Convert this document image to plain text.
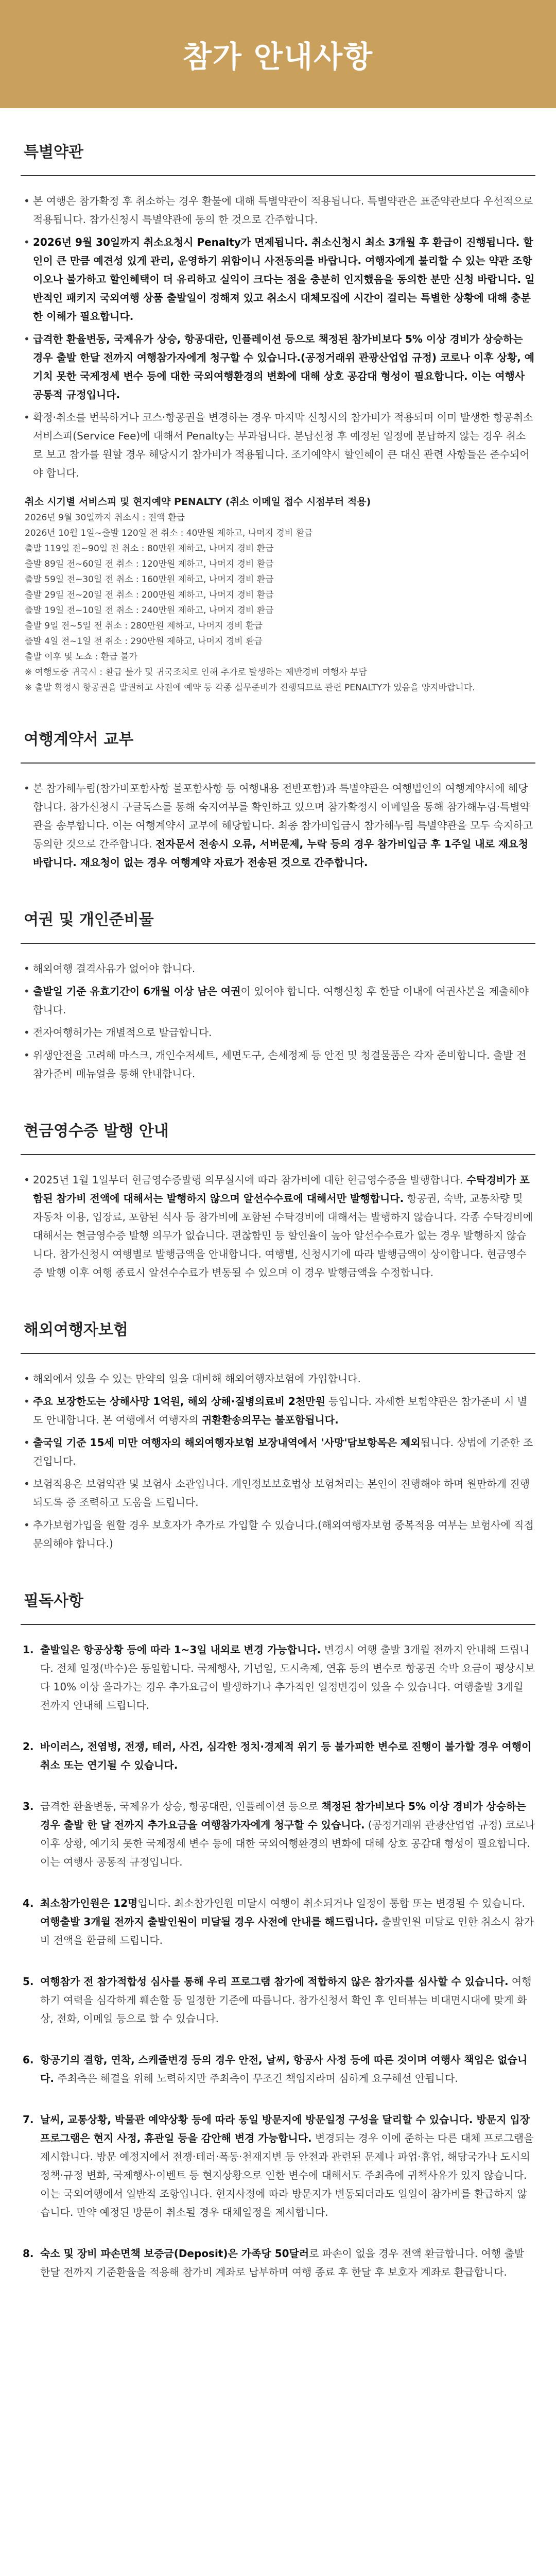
참가 안내사항
특별약관
• 본 여행은 참가확정 후 취소하는 경우 환불에 대해 특별약관이 적용됩니다. 특별약관은 표준약관보다 우선적으로 적용됩니다. 참가신청시 특별약관에 동의 한 것으로 간주합니다.
• 2026년 9월 30일까지 취소요청시 Penalty가 면제됩니다. 취소신청시 최소 3개월 후 환급이 진행됩니다. 할인이 큰 만큼 예견성 있게 관리, 운영하기 위함이니 사전동의를 바랍니다. 여행자에게 불리할 수 있는 약관 조항이오나 불가하고 할인혜택이 더 유리하고 실익이 크다는 점을 충분히 인지했음을 동의한 분만 신청 바랍니다. 일반적인 패키지 국외여행 상품 출발일이 정해져 있고 취소시 대체모집에 시간이 걸리는 특별한 상황에 대해 충분한 이해가 필요합니다.
• 급격한 환율변동, 국제유가 상승, 항공대란, 인플레이션 등으로 책정된 참가비보다 5% 이상 경비가 상승하는 경우 출발 한달 전까지 여행참가자에게 청구할 수 있습니다.(공정거래위 관광산업업 규정) 코로나 이후 상황, 예기치 못한 국제정세 변수 등에 대한 국외여행환경의 변화에 대해 상호 공감대 형성이 필요합니다. 이는 여행사 공통적 규정입니다.
• 확정·취소를 번복하거나 코스·항공권을 변경하는 경우 마지막 신청시의 참가비가 적용되며 이미 발생한 항공취소 서비스피(Service Fee)에 대해서 Penalty는 부과됩니다. 분납신청 후 예정된 일정에 분납하지 않는 경우 취소로 보고 참가를 원할 경우 해당시기 참가비가 적용됩니다. 조기예약시 할인혜이 큰 대신 관련 사항들은 준수되어야 합니다.
취소 시기별 서비스피 및 현지예약 PENALTY (취소 이메일 접수 시점부터 적용)
2026년 9월 30일까지 취소시 : 전액 환급
2026년 10월 1일~출발 120일 전 취소 : 40만원 제하고, 나머지 경비 환급
출발 119일 전~90일 전 취소 : 80만원 제하고, 나머지 경비 환급
출발 89일 전~60일 전 취소 : 120만원 제하고, 나머지 경비 환급
출발 59일 전~30일 전 취소 : 160만원 제하고, 나머지 경비 환급
출발 29일 전~20일 전 취소 : 200만원 제하고, 나머지 경비 환급
출발 19일 전~10일 전 취소 : 240만원 제하고, 나머지 경비 환급
출발 9일 전~5일 전 취소 : 280만원 제하고, 나머지 경비 환급
출발 4일 전~1일 전 취소 : 290만원 제하고, 나머지 경비 환급
출발 이후 및 노쇼 : 환급 불가
※ 여행도중 귀국시 : 환급 불가 및 귀국조치로 인해 추가로 발생하는 제반경비 여행자 부담
※ 출발 확정시 항공권을 발권하고 사전에 예약 등 각종 실무준비가 진행되므로 관련 PENALTY가 있음을 양지바랍니다.
여행계약서 교부
• 본 참가해누림(참가비포함사항 불포함사항 등 여행내용 전반포함)과 특별약관은 여행법인의 여행계약서에 해당합니다. 참가신청시 구글독스를 통해 숙지여부를 확인하고 있으며 참가확정시 이메일을 통해 참가해누림·특별약관을 송부합니다. 이는 여행계약서 교부에 해당합니다. 최종 참가비입금시 참가해누림 특별약관을 모두 숙지하고 동의한 것으로 간주합니다. 전자문서 전송시 오류, 서버문제, 누락 등의 경우 참가비입금 후 1주일 내로 재요청 바랍니다. 재요청이 없는 경우 여행계약 자료가 전송된 것으로 간주합니다.
여권 및 개인준비물
• 해외여행 결격사유가 없어야 합니다.
• 출발일 기준 유효기간이 6개월 이상 남은 여권이 있어야 합니다. 여행신청 후 한달 이내에 여권사본을 제출해야 합니다.
• 전자여행허가는 개별적으로 발급합니다.
• 위생안전을 고려해 마스크, 개인수저세트, 세면도구, 손세정제 등 안전 및 청결물품은 각자 준비합니다. 출발 전 참가준비 매뉴얼을 통해 안내합니다.
현금영수증 발행 안내
• 2025년 1월 1일부터 현금영수증발행 의무실시에 따라 참가비에 대한 현금영수증을 발행합니다. 수탁경비가 포함된 참가비 전액에 대해서는 발행하지 않으며 알선수수료에 대해서만 발행합니다. 항공권, 숙박, 교통차량 및 자동차 이용, 입장료, 포함된 식사 등 참가비에 포함된 수탁경비에 대해서는 발행하지 않습니다. 각종 수탁경비에 대해서는 현금영수증 발행 의무가 없습니다. 편찮함민 등 할인율이 높아 알선수수료가 없는 경우 발행하지 않습니다. 참가신청시 여행별로 발행금액을 안내합니다. 여행별, 신청시기에 따라 발행금액이 상이합니다. 현금영수증 발행 이후 여행 종료시 알선수수료가 변동될 수 있으며 이 경우 발행금액을 수정합니다.
해외여행자보험
• 해외에서 있을 수 있는 만약의 일을 대비해 해외여행자보험에 가입합니다.
• 주요 보장한도는 상해사망 1억원, 해외 상해·질병의료비 2천만원 등입니다. 자세한 보험약관은 참가준비 시 별도 안내합니다. 본 여행에서 여행자의 귀환환송의무는 불포함됩니다.
• 출국일 기준 15세 미만 여행자의 해외여행자보험 보장내역에서 '사망'담보항목은 제외됩니다. 상법에 기준한 조건입니다.
• 보험적용은 보험약관 및 보험사 소관입니다. 개인정보보호법상 보험처리는 본인이 진행해야 하며 원만하게 진행되도록 증 조력하고 도움을 드립니다.
• 추가보험가입을 원할 경우 보호자가 추가로 가입할 수 있습니다.(해외여행자보험 중복적용 여부는 보험사에 직접 문의해야 합니다.)
필독사항
1. 출발일은 항공상황 등에 따라 1~3일 내외로 변경 가능합니다. 변경시 여행 출발 3개월 전까지 안내해 드립니다. 전체 일정(박수)은 동일합니다. 국제행사, 기념일, 도시축제, 연휴 등의 변수로 항공권 숙박 요금이 평상시보다 10% 이상 올라가는 경우 추가요금이 발생하거나 추가적인 일정변경이 있을 수 있습니다. 여행출발 3개월 전까지 안내해 드립니다.
2. 바이러스, 전염병, 전쟁, 테러, 사건, 심각한 정치·경제적 위기 등 불가피한 변수로 진행이 불가할 경우 여행이 취소 또는 연기될 수 있습니다.
3. 급격한 환율변동, 국제유가 상승, 항공대란, 인플레이션 등으로 책정된 참가비보다 5% 이상 경비가 상승하는 경우 출발 한 달 전까지 추가요금을 여행참가자에게 청구할 수 있습니다. (공정거래위 관광산업업 규정) 코로나 이후 상황, 예기치 못한 국제정세 변수 등에 대한 국외여행환경의 변화에 대해 상호 공감대 형성이 필요합니다. 이는 여행사 공통적 규정입니다.
4. 최소참가인원은 12명입니다. 최소참가인원 미달시 여행이 취소되거나 일정이 통합 또는 변경될 수 있습니다. 여행출발 3개월 전까지 출발인원이 미달될 경우 사전에 안내를 해드립니다. 출발인원 미달로 인한 취소시 참가비 전액을 환급해 드립니다.
5. 여행참가 전 참가적합성 심사를 통해 우리 프로그램 참가에 적합하지 않은 참가자를 심사할 수 있습니다. 여행하기 여력을 심각하게 훼손할 등 일정한 기준에 따릅니다. 참가신청서 확인 후 인터뷰는 비대면시대에 맞게 화상, 전화, 이메일 등으로 할 수 있습니다.
6. 항공기의 결항, 연착, 스케줄변경 등의 경우 안전, 날씨, 항공사 사정 등에 따른 것이며 여행사 책임은 없습니다. 주최측은 해결을 위해 노력하지만 주최측이 무조건 책임지라며 심하게 요구해선 안됩니다.
7. 날씨, 교통상황, 박물관 예약상황 등에 따라 동일 방문지에 방문일정 구성을 달리할 수 있습니다. 방문지 입장 프로그램은 현지 사정, 휴관일 등을 감안해 변경 가능합니다. 변경되는 경우 이에 준하는 다른 대체 프로그램을 제시합니다. 방문 예정지에서 전쟁·테러·폭동·천재지변 등 안전과 관련된 문제나 파업·휴업, 해당국가나 도시의 정책·규정 변화, 국제행사·이벤트 등 현지상황으로 인한 변수에 대해서도 주최측에 귀책사유가 있지 않습니다. 이는 국외여행에서 일반적 조항입니다. 현지사정에 따라 방문지가 변동되더라도 일일이 참가비를 환급하지 않습니다. 만약 예정된 방문이 취소될 경우 대체일정을 제시합니다.
8. 숙소 및 장비 파손면책 보증금(Deposit)은 가족당 50달러로 파손이 없을 경우 전액 환급합니다. 여행 출발 한달 전까지 기준환율을 적용해 참가비 계좌로 납부하며 여행 종료 후 한달 후 보호자 계좌로 환급합니다.
